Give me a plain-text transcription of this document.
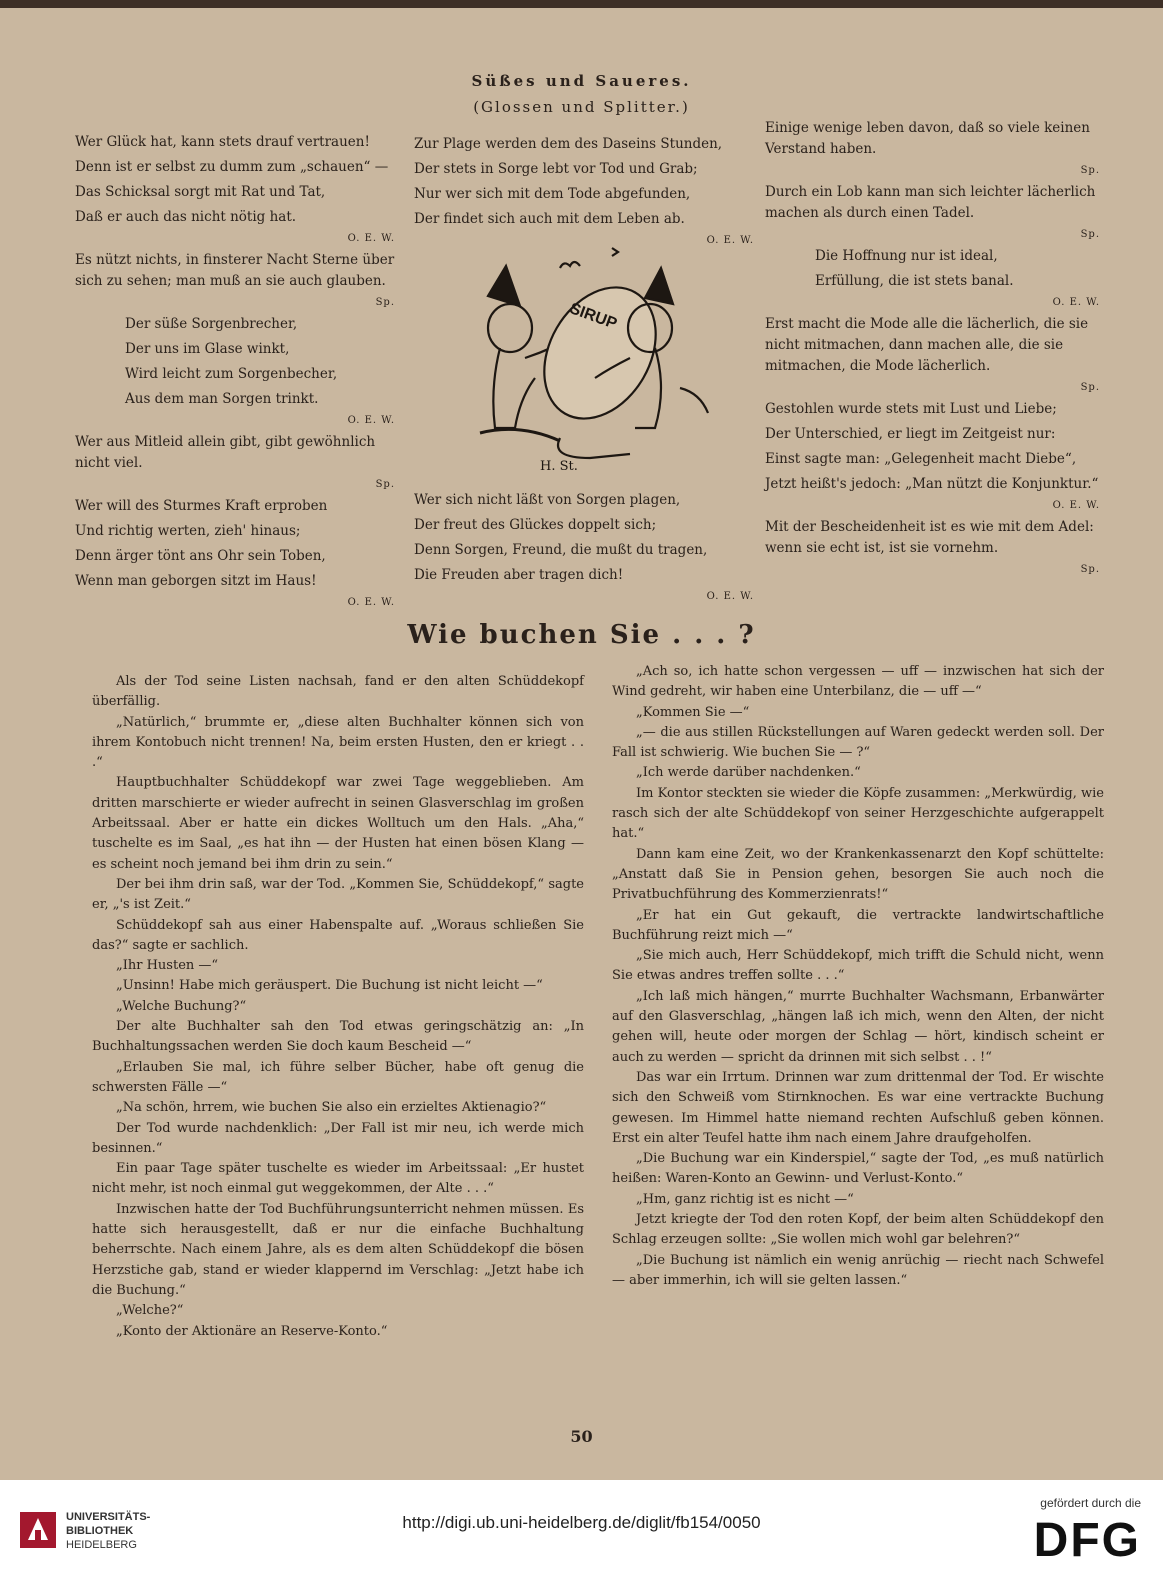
Süßes und Saueres.
(Glossen und Splitter.)

Wer Glück hat, kann stets drauf vertrauen!

Denn ist er selbst zu dumm zum „schauen“ —

Das Schicksal sorgt mit Rat und Tat,

Daß er auch das nicht nötig hat.

O. E. W.

Es nützt nichts, in finsterer Nacht Sterne über sich zu sehen; man muß an sie auch glauben.

Sp.

Der süße Sorgenbrecher,

Der uns im Glase winkt,

Wird leicht zum Sorgenbecher,

Aus dem man Sorgen trinkt.

O. E. W.

Wer aus Mitleid allein gibt, gibt gewöhnlich nicht viel.

Sp.

Wer will des Sturmes Kraft erproben

Und richtig werten, zieh' hinaus;

Denn ärger tönt ans Ohr sein Toben,

Wenn man geborgen sitzt im Haus!

O. E. W.

Zur Plage werden dem des Daseins Stunden,

Der stets in Sorge lebt vor Tod und Grab;

Nur wer sich mit dem Tode abgefunden,

Der findet sich auch mit dem Leben ab.

O. E. W.

SIRUP
H. St.

Wer sich nicht läßt von Sorgen plagen,

Der freut des Glückes doppelt sich;

Denn Sorgen, Freund, die mußt du tragen,

Die Freuden aber tragen dich!

O. E. W.

Einige wenige leben davon, daß so viele keinen Verstand haben.

Sp.

Durch ein Lob kann man sich leichter lächerlich machen als durch einen Tadel.

Sp.

Die Hoffnung nur ist ideal,

Erfüllung, die ist stets banal.

O. E. W.

Erst macht die Mode alle die lächerlich, die sie nicht mitmachen, dann machen alle, die sie mitmachen, die Mode lächerlich.

Sp.

Gestohlen wurde stets mit Lust und Liebe;

Der Unterschied, er liegt im Zeitgeist nur:

Einst sagte man: „Gelegenheit macht Diebe“,

Jetzt heißt's jedoch: „Man nützt die Konjunktur.“

O. E. W.

Mit der Bescheidenheit ist es wie mit dem Adel: wenn sie echt ist, ist sie vornehm.

Sp.

Wie buchen Sie . . . ?

Als der Tod seine Listen nachsah, fand er den alten Schüddekopf überfällig.

„Natürlich,“ brummte er, „diese alten Buchhalter können sich von ihrem Kontobuch nicht trennen! Na, beim ersten Husten, den er kriegt . . .“

Hauptbuchhalter Schüddekopf war zwei Tage weggeblieben. Am dritten marschierte er wieder aufrecht in seinen Glasverschlag im großen Arbeitssaal. Aber er hatte ein dickes Wolltuch um den Hals. „Aha,“ tuschelte es im Saal, „es hat ihn — der Husten hat einen bösen Klang — es scheint noch jemand bei ihm drin zu sein.“

Der bei ihm drin saß, war der Tod. „Kommen Sie, Schüddekopf,“ sagte er, „'s ist Zeit.“

Schüddekopf sah aus einer Habenspalte auf. „Woraus schließen Sie das?“ sagte er sachlich.

„Ihr Husten —“

„Unsinn! Habe mich geräuspert. Die Buchung ist nicht leicht —“

„Welche Buchung?“

Der alte Buchhalter sah den Tod etwas geringschätzig an: „In Buchhaltungssachen werden Sie doch kaum Bescheid —“

„Erlauben Sie mal, ich führe selber Bücher, habe oft genug die schwersten Fälle —“

„Na schön, hrrem, wie buchen Sie also ein erzieltes Aktienagio?“

Der Tod wurde nachdenklich: „Der Fall ist mir neu, ich werde mich besinnen.“

Ein paar Tage später tuschelte es wieder im Arbeitssaal: „Er hustet nicht mehr, ist noch einmal gut weggekommen, der Alte . . .“

Inzwischen hatte der Tod Buchführungsunterricht nehmen müssen. Es hatte sich herausgestellt, daß er nur die einfache Buchhaltung beherrschte. Nach einem Jahre, als es dem alten Schüddekopf die bösen Herzstiche gab, stand er wieder klappernd im Verschlag: „Jetzt habe ich die Buchung.“

„Welche?“

„Konto der Aktionäre an Reserve-Konto.“

„Ach so, ich hatte schon vergessen — uff — inzwischen hat sich der Wind gedreht, wir haben eine Unterbilanz, die — uff —“

„Kommen Sie —“

„— die aus stillen Rückstellungen auf Waren gedeckt werden soll. Der Fall ist schwierig. Wie buchen Sie — ?“

„Ich werde darüber nachdenken.“

Im Kontor steckten sie wieder die Köpfe zusammen: „Merkwürdig, wie rasch sich der alte Schüddekopf von seiner Herzgeschichte aufgerappelt hat.“

Dann kam eine Zeit, wo der Krankenkassenarzt den Kopf schüttelte: „Anstatt daß Sie in Pension gehen, besorgen Sie auch noch die Privatbuchführung des Kommerzienrats!“

„Er hat ein Gut gekauft, die vertrackte landwirtschaftliche Buchführung reizt mich —“

„Sie mich auch, Herr Schüddekopf, mich trifft die Schuld nicht, wenn Sie etwas andres treffen sollte . . .“

„Ich laß mich hängen,“ murrte Buchhalter Wachsmann, Erbanwärter auf den Glasverschlag, „hängen laß ich mich, wenn den Alten, der nicht gehen will, heute oder morgen der Schlag — hört, kindisch scheint er auch zu werden — spricht da drinnen mit sich selbst . . !“

Das war ein Irrtum. Drinnen war zum drittenmal der Tod. Er wischte sich den Schweiß vom Stirnknochen. Es war eine vertrackte Buchung gewesen. Im Himmel hatte niemand rechten Aufschluß geben können. Erst ein alter Teufel hatte ihm nach einem Jahre draufgeholfen.

„Die Buchung war ein Kinderspiel,“ sagte der Tod, „es muß natürlich heißen: Waren-Konto an Gewinn- und Verlust-Konto.“

„Hm, ganz richtig ist es nicht —“

Jetzt kriegte der Tod den roten Kopf, der beim alten Schüddekopf den Schlag erzeugen sollte: „Sie wollen mich wohl gar belehren?“

„Die Buchung ist nämlich ein wenig anrüchig — riecht nach Schwefel — aber immerhin, ich will sie gelten lassen.“

50
UNIVERSITÄTS-
BIBLIOTHEK
HEIDELBERG
http://digi.ub.uni-heidelberg.de/diglit/fb154/0050
gefördert durch die
DFG
